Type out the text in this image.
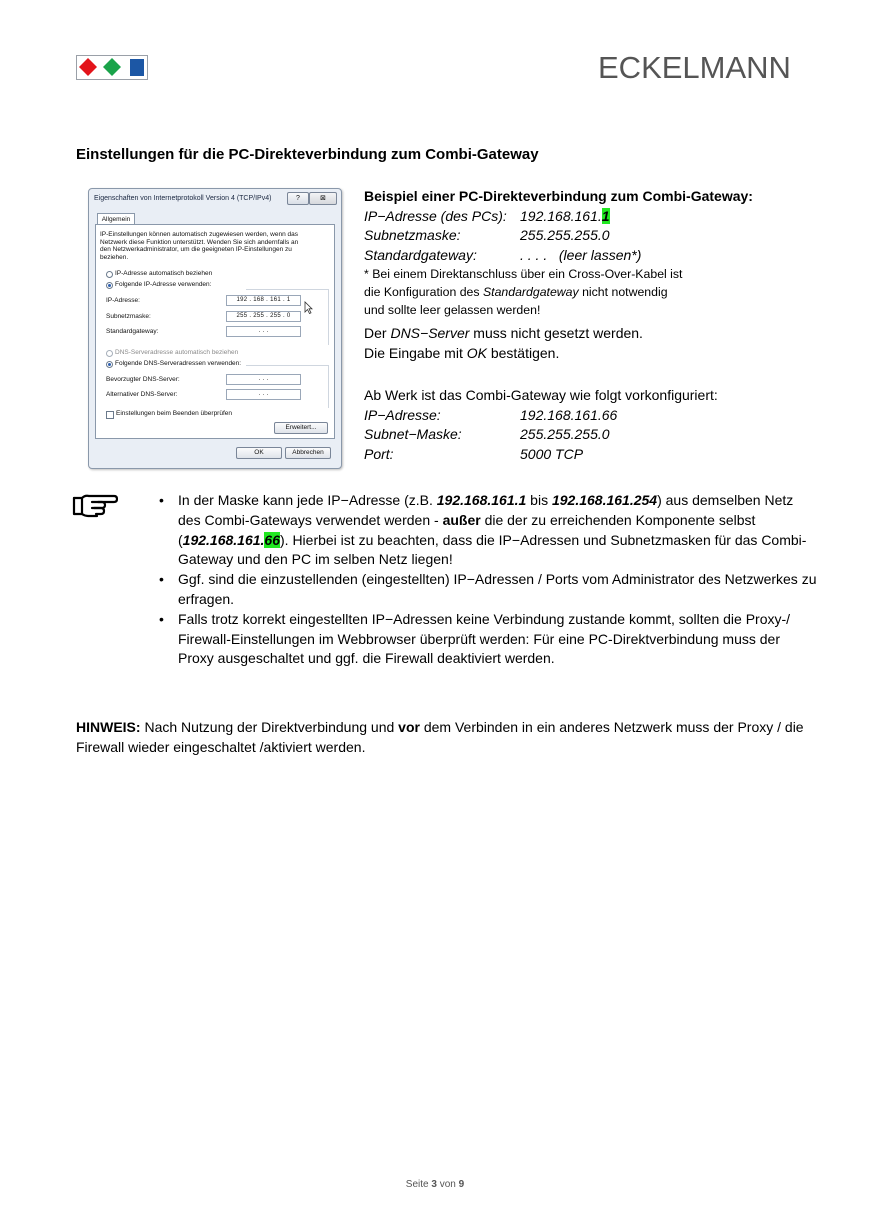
ECKELMANN
Einstellungen für die PC-Direkteverbindung zum Combi-Gateway
Eigenschaften von Internetprotokoll Version 4 (TCP/IPv4)	?	⊠
Allgemein
IP-Einstellungen können automatisch zugewiesen werden, wenn das Netzwerk diese Funktion unterstützt. Wenden Sie sich andernfalls an den Netzwerkadministrator, um die geeigneten IP-Einstellungen zu beziehen.
IP-Adresse automatisch beziehen
Folgende IP-Adresse verwenden:
IP-Adresse:	192 . 168 . 161 . 1
Subnetzmaske:	255 . 255 . 255 . 0
Standardgateway:	. . .
DNS-Serveradresse automatisch beziehen
Folgende DNS-Serveradressen verwenden:
Bevorzugter DNS-Server:	. . .
Alternativer DNS-Server:	. . .
Einstellungen beim Beenden überprüfen
Erweitert...
OK	Abbrechen
Beispiel einer PC-Direkteverbindung zum Combi-Gateway:
IP−Adresse (des PCs): 192.168.161.1
Subnetzmaske:	255.255.255.0
Standardgateway:	. . . .   (leer lassen*)
* Bei einem Direktanschluss über ein Cross-Over-Kabel ist
die Konfiguration des Standardgateway nicht notwendig
und sollte leer gelassen werden!
Der DNS−Server muss nicht gesetzt werden.
Die Eingabe mit OK bestätigen.
Ab Werk ist das Combi-Gateway wie folgt vorkonfiguriert:
IP−Adresse:	192.168.161.66
Subnet−Maske:	255.255.255.0
Port:	5000 TCP
• In der Maske kann jede IP−Adresse (z.B. 192.168.161.1 bis 192.168.161.254) aus demselben Netz des Combi-Gateways verwendet werden - außer die der zu erreichenden Komponente selbst (192.168.161.66). Hierbei ist zu beachten, dass die IP−Adressen und Subnetzmasken für das Combi-Gateway und den PC im selben Netz liegen!
• Ggf. sind die einzustellenden (eingestellten) IP−Adressen / Ports vom Administrator des Netzwerkes zu erfragen.
• Falls trotz korrekt eingestellten IP−Adressen keine Verbindung zustande kommt, sollten die Proxy-/ Firewall-Einstellungen im Webbrowser überprüft werden: Für eine PC-Direktverbindung muss der Proxy ausgeschaltet und ggf. die Firewall deaktiviert werden.
HINWEIS: Nach Nutzung der Direktverbindung und vor dem Verbinden in ein anderes Netzwerk muss der Proxy / die Firewall wieder eingeschaltet /aktiviert werden.
Seite 3 von 9
